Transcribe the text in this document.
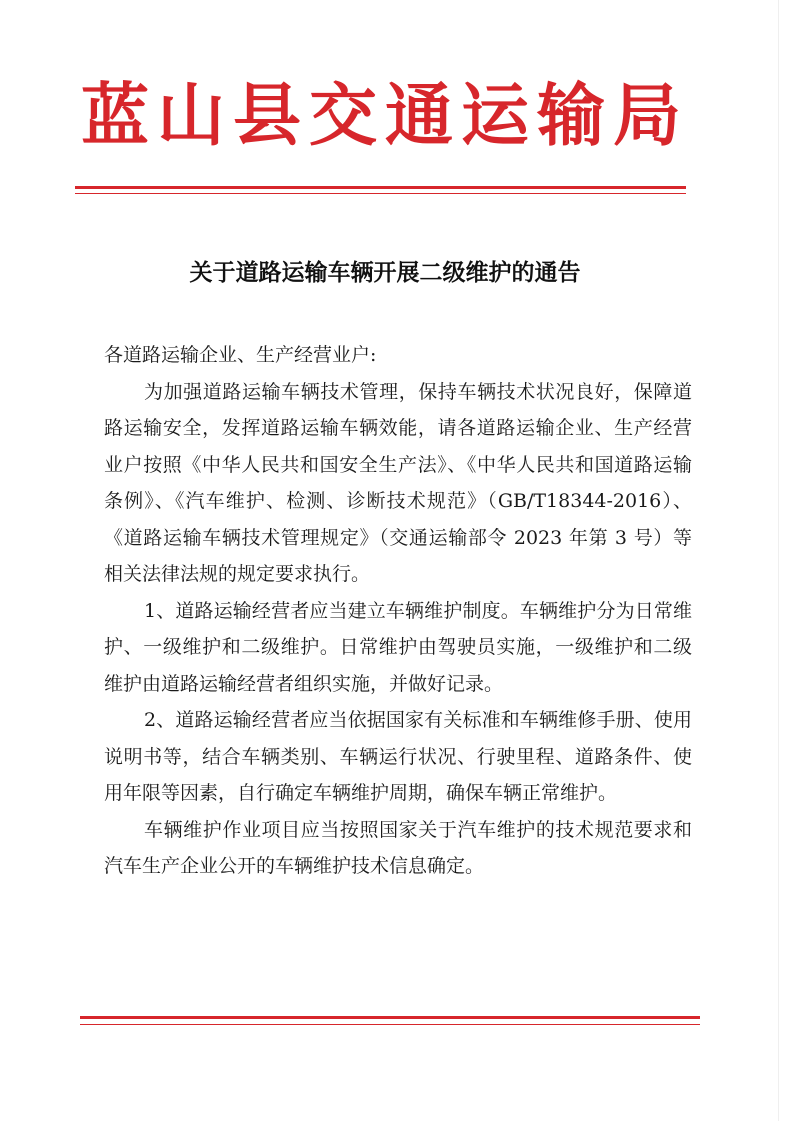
蓝山县交通运输局
关于道路运输车辆开展二级维护的通告

各道路运输企业、生产经营业户:

为加强道路运输车辆技术管理，保持车辆技术状况良好，保障道路运输安全，发挥道路运输车辆效能，请各道路运输企业、生产经营业户按照《中华人民共和国安全生产法》、《中华人民共和国道路运输条例》、《汽车维护、检测、诊断技术规范》（GB/T18344-2016）、《道路运输车辆技术管理规定》（交通运输部令 2023 年第 3 号）等相关法律法规的规定要求执行。

1、道路运输经营者应当建立车辆维护制度。车辆维护分为日常维护、一级维护和二级维护。日常维护由驾驶员实施，一级维护和二级维护由道路运输经营者组织实施，并做好记录。

2、道路运输经营者应当依据国家有关标准和车辆维修手册、使用说明书等，结合车辆类别、车辆运行状况、行驶里程、道路条件、使用年限等因素，自行确定车辆维护周期，确保车辆正常维护。

车辆维护作业项目应当按照国家关于汽车维护的技术规范要求和汽车生产企业公开的车辆维护技术信息确定。
